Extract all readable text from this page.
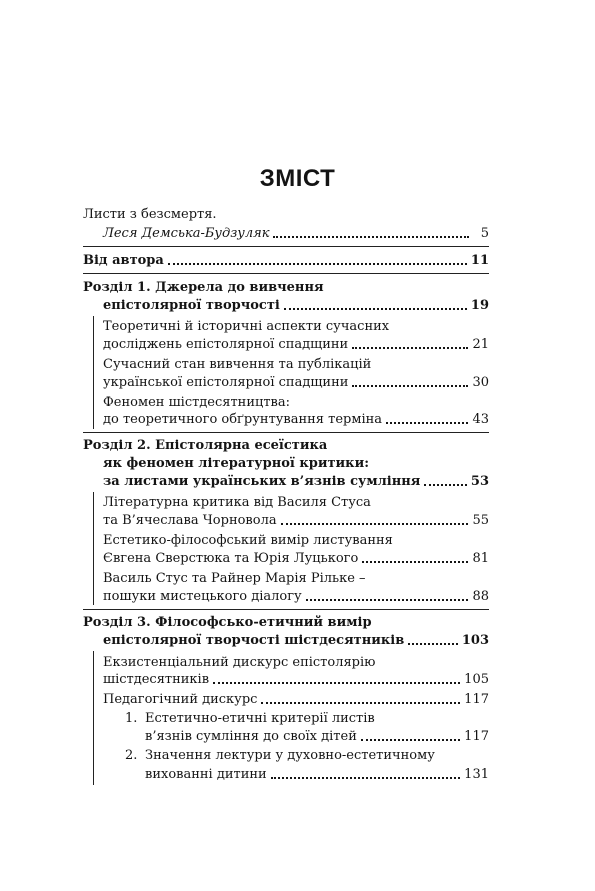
ЗМІСТ
Листи з безсмертя.
Леся Демська-Будзуляк	5
Від автора	11
Розділ 1. Джерела до вивчення
епістолярної творчості	19
Теоретичні й історичні аспекти сучасних
досліджень епістолярної спадщини	21
Сучасний стан вивчення та публікацій
української епістолярної спадщини	30
Феномен шістдесятництва:
до теоретичного обґрунтування терміна	43
Розділ 2. Епістолярна есеїстика
як феномен літературної критики:
за листами українських в’язнів сумління	53
Літературна критика від Василя Стуса
та В’ячеслава Чорновола	55
Естетико-філософський вимір листування
Євгена Сверстюка та Юрія Луцького	81
Василь Стус та Райнер Марія Рільке –
пошуки мистецького діалогу	88
Розділ 3. Філософсько-етичний вимір
епістолярної творчості шістдесятників	103
Екзистенціальний дискурс епістолярію
шістдесятників	105
Педагогічний дискурс	117
1. Естетично-етичні критерії листів
в’язнів сумління до своїх дітей	117
2. Значення лектури у духовно-естетичному
вихованні дитини	131
